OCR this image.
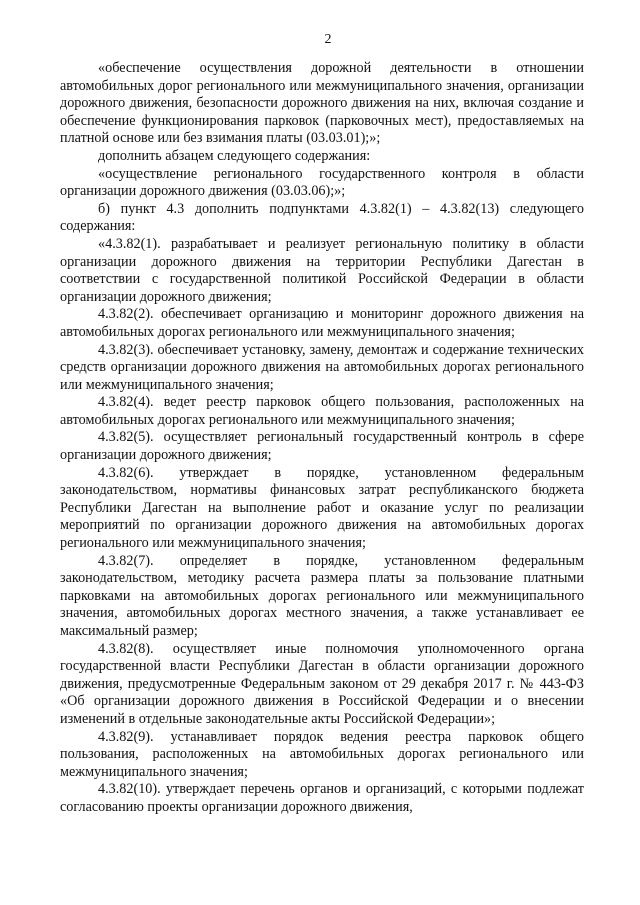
2

«обеспечение осуществления дорожной деятельности в отношении автомобильных дорог регионального или межмуниципального значения, организации дорожного движения, безопасности дорожного движения на них, включая создание и обеспечение функционирования парковок (парковочных мест), предоставляемых на платной основе или без взимания платы (03.03.01);»;

дополнить абзацем следующего содержания:

«осуществление регионального государственного контроля в области организации дорожного движения (03.03.06);»;

б) пункт 4.3 дополнить подпунктами 4.3.82(1) – 4.3.82(13) следующего содержания:

«4.3.82(1). разрабатывает и реализует региональную политику в области организации дорожного движения на территории Республики Дагестан в соответствии с государственной политикой Российской Федерации в области организации дорожного движения;

4.3.82(2). обеспечивает организацию и мониторинг дорожного движения на автомобильных дорогах регионального или межмуниципального значения;

4.3.82(3). обеспечивает установку, замену, демонтаж и содержание технических средств организации дорожного движения на автомобильных дорогах регионального или межмуниципального значения;

4.3.82(4). ведет реестр парковок общего пользования, расположенных на автомобильных дорогах регионального или межмуниципального значения;

4.3.82(5). осуществляет региональный государственный контроль в сфере организации дорожного движения;

4.3.82(6). утверждает в порядке, установленном федеральным законодательством, нормативы финансовых затрат республиканского бюджета Республики Дагестан на выполнение работ и оказание услуг по реализации мероприятий по организации дорожного движения на автомобильных дорогах регионального или межмуниципального значения;

4.3.82(7). определяет в порядке, установленном федеральным законодательством, методику расчета размера платы за пользование платными парковками на автомобильных дорогах регионального или межмуниципального значения, автомобильных дорогах местного значения, а также устанавливает ее максимальный размер;

4.3.82(8). осуществляет иные полномочия уполномоченного органа государственной власти Республики Дагестан в области организации дорожного движения, предусмотренные Федеральным законом от 29 декабря 2017 г. № 443-ФЗ «Об организации дорожного движения в Российской Федерации и о внесении изменений в отдельные законодательные акты Российской Федерации»;

4.3.82(9). устанавливает порядок ведения реестра парковок общего пользования, расположенных на автомобильных дорогах регионального или межмуниципального значения;

4.3.82(10). утверждает перечень органов и организаций, с которыми подлежат согласованию проекты организации дорожного движения,
